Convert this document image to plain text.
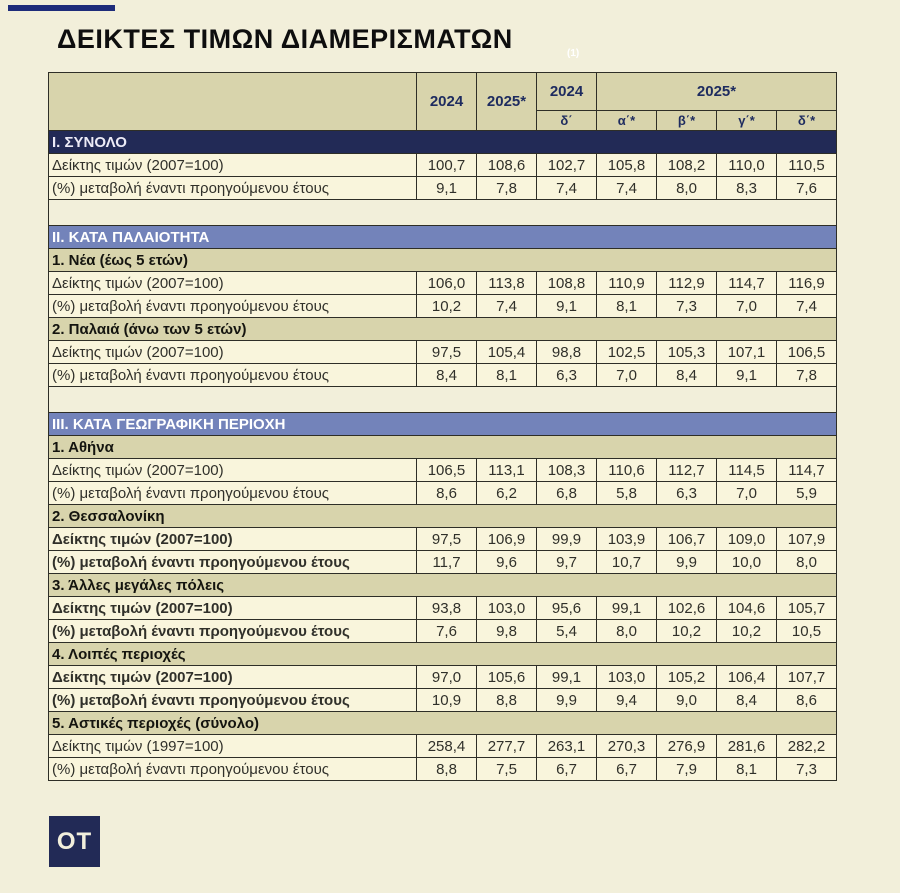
ΔΕΙΚΤΕΣ ΤΙΜΩΝ ΔΙΑΜΕΡΙΣΜΑΤΩΝ	(1)
	2024	2025*	2024	2025*			
			δ΄	α΄*	β΄*	γ΄*	δ΄*
Ι. ΣΥΝΟΛΟ							
Δείκτης τιμών (2007=100)	100,7	108,6	102,7	105,8	108,2	110,0	110,5
(%) μεταβολή έναντι προηγούμενου έτους	9,1	7,8	7,4	7,4	8,0	8,3	7,6

ΙΙ. ΚΑΤΑ ΠΑΛΑΙΟΤΗΤΑ							
1. Νέα (έως 5 ετών)							
Δείκτης τιμών (2007=100)	106,0	113,8	108,8	110,9	112,9	114,7	116,9
(%) μεταβολή έναντι προηγούμενου έτους	10,2	7,4	9,1	8,1	7,3	7,0	7,4
2. Παλαιά (άνω των 5 ετών)							
Δείκτης τιμών (2007=100)	97,5	105,4	98,8	102,5	105,3	107,1	106,5
(%) μεταβολή έναντι προηγούμενου έτους	8,4	8,1	6,3	7,0	8,4	9,1	7,8

ΙΙΙ. ΚΑΤΑ ΓΕΩΓΡΑΦΙΚΗ ΠΕΡΙΟΧΗ							
1. Αθήνα							
Δείκτης τιμών (2007=100)	106,5	113,1	108,3	110,6	112,7	114,5	114,7
(%) μεταβολή έναντι προηγούμενου έτους	8,6	6,2	6,8	5,8	6,3	7,0	5,9
2. Θεσσαλονίκη							
Δείκτης τιμών (2007=100)	97,5	106,9	99,9	103,9	106,7	109,0	107,9
(%) μεταβολή έναντι προηγούμενου έτους	11,7	9,6	9,7	10,7	9,9	10,0	8,0
3. Άλλες μεγάλες πόλεις							
Δείκτης τιμών (2007=100)	93,8	103,0	95,6	99,1	102,6	104,6	105,7
(%) μεταβολή έναντι προηγούμενου έτους	7,6	9,8	5,4	8,0	10,2	10,2	10,5
4. Λοιπές περιοχές							
Δείκτης τιμών (2007=100)	97,0	105,6	99,1	103,0	105,2	106,4	107,7
(%) μεταβολή έναντι προηγούμενου έτους	10,9	8,8	9,9	9,4	9,0	8,4	8,6
5. Αστικές περιοχές (σύνολο)							
Δείκτης τιμών (1997=100)	258,4	277,7	263,1	270,3	276,9	281,6	282,2
(%) μεταβολή έναντι προηγούμενου έτους	8,8	7,5	6,7	6,7	7,9	8,1	7,3
OT
